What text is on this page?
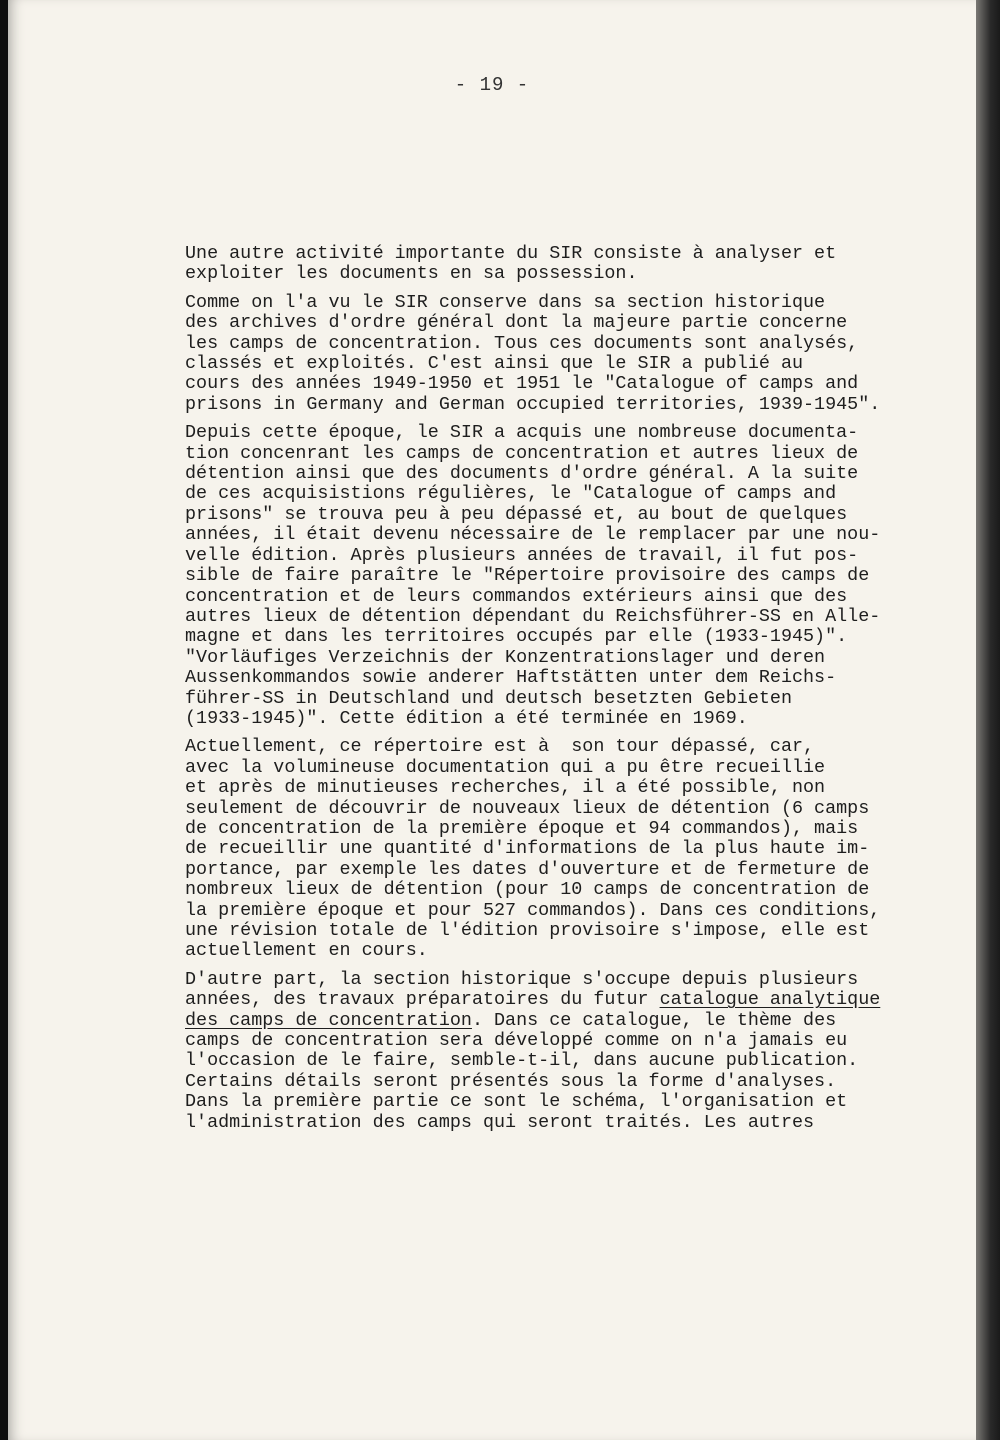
- 19 -

Une autre activité importante du SIR consiste à analyser et
exploiter les documents en sa possession.

Comme on l'a vu le SIR conserve dans sa section historique
des archives d'ordre général dont la majeure partie concerne
les camps de concentration. Tous ces documents sont analysés,
classés et exploités. C'est ainsi que le SIR a publié au
cours des années 1949-1950 et 1951 le "Catalogue of camps and
prisons in Germany and German occupied territories, 1939-1945".

Depuis cette époque, le SIR a acquis une nombreuse documenta-
tion concenrant les camps de concentration et autres lieux de
détention ainsi que des documents d'ordre général. A la suite
de ces acquisistions régulières, le "Catalogue of camps and
prisons" se trouva peu à peu dépassé et, au bout de quelques
années, il était devenu nécessaire de le remplacer par une nou-
velle édition. Après plusieurs années de travail, il fut pos-
sible de faire paraître le "Répertoire provisoire des camps de
concentration et de leurs commandos extérieurs ainsi que des
autres lieux de détention dépendant du Reichsführer-SS en Alle-
magne et dans les territoires occupés par elle (1933-1945)".
"Vorläufiges Verzeichnis der Konzentrationslager und deren
Aussenkommandos sowie anderer Haftstätten unter dem Reichs-
führer-SS in Deutschland und deutsch besetzten Gebieten
(1933-1945)". Cette édition a été terminée en 1969.

Actuellement, ce répertoire est à  son tour dépassé, car,
avec la volumineuse documentation qui a pu être recueillie
et après de minutieuses recherches, il a été possible, non
seulement de découvrir de nouveaux lieux de détention (6 camps
de concentration de la première époque et 94 commandos), mais
de recueillir une quantité d'informations de la plus haute im-
portance, par exemple les dates d'ouverture et de fermeture de
nombreux lieux de détention (pour 10 camps de concentration de
la première époque et pour 527 commandos). Dans ces conditions,
une révision totale de l'édition provisoire s'impose, elle est
actuellement en cours.

D'autre part, la section historique s'occupe depuis plusieurs
années, des travaux préparatoires du futur catalogue analytique
des camps de concentration. Dans ce catalogue, le thème des
camps de concentration sera développé comme on n'a jamais eu
l'occasion de le faire, semble-t-il, dans aucune publication.
Certains détails seront présentés sous la forme d'analyses.
Dans la première partie ce sont le schéma, l'organisation et
l'administration des camps qui seront traités. Les autres
